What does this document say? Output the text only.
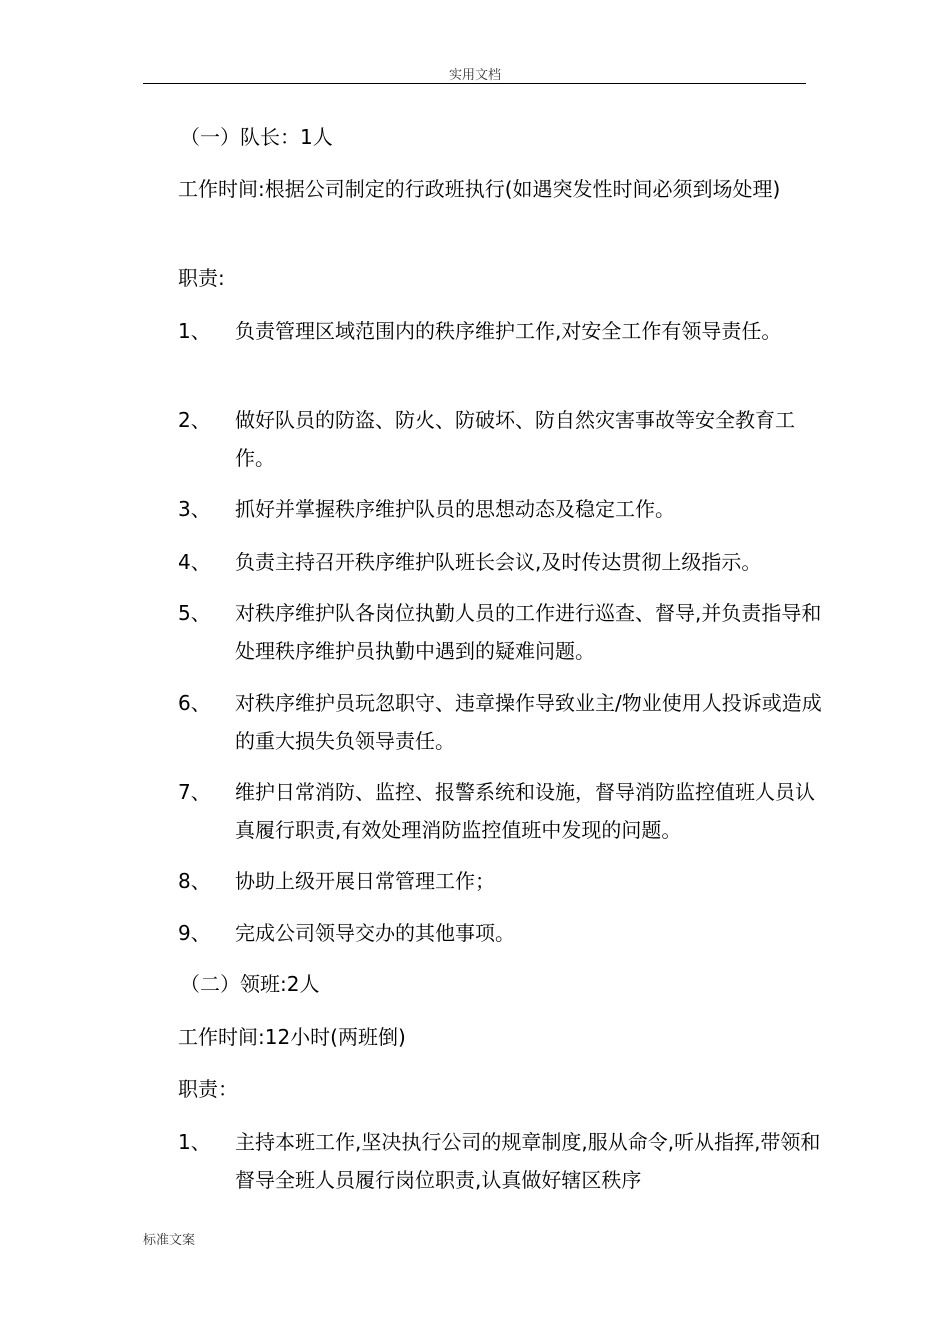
实用文档
（一）队长：1人
工作时间:根据公司制定的行政班执行(如遇突发性时间必须到场处理)
职责:
1、 负责管理区域范围内的秩序维护工作,对安全工作有领导责任。
2、 做好队员的防盗、防火、防破坏、防自然灾害事故等安全教育工作。
3、 抓好并掌握秩序维护队员的思想动态及稳定工作。
4、 负责主持召开秩序维护队班长会议,及时传达贯彻上级指示。
5、 对秩序维护队各岗位执勤人员的工作进行巡查、督导,并负责指导和处理秩序维护员执勤中遇到的疑难问题。
6、 对秩序维护员玩忽职守、违章操作导致业主/物业使用人投诉或造成的重大损失负领导责任。
7、 维护日常消防、监控、报警系统和设施，督导消防监控值班人员认真履行职责,有效处理消防监控值班中发现的问题。
8、 协助上级开展日常管理工作；
9、 完成公司领导交办的其他事项。
（二）领班:2人
工作时间:12小时(两班倒)
职责：
1、 主持本班工作,坚决执行公司的规章制度,服从命令,听从指挥,带领和督导全班人员履行岗位职责,认真做好辖区秩序
标准文案
